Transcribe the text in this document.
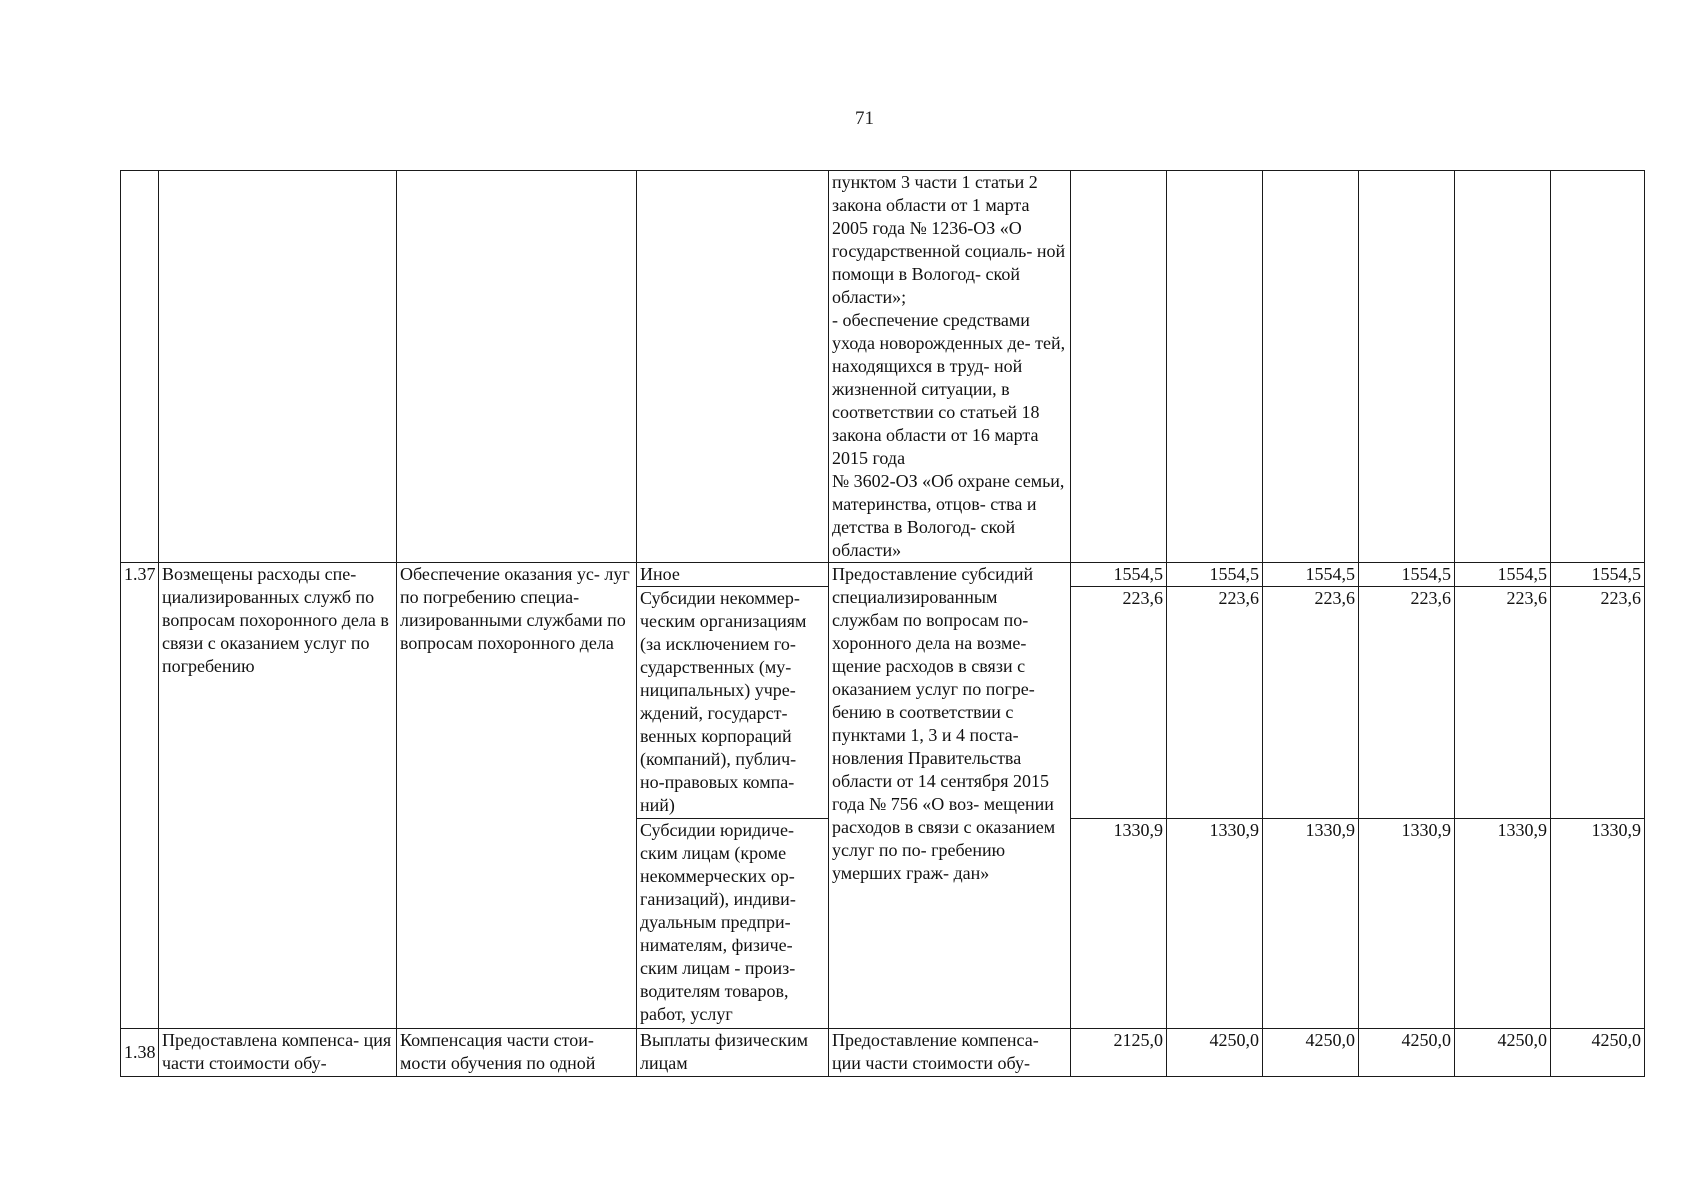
71

				пунктом 3 части 1 статьи 2 закона области от 1 марта 2005 года № 1236-ОЗ «О государственной социаль- ной помощи в Вологод- ской области»;
- обеспечение средствами ухода новорожденных де- тей, находящихся в труд- ной жизненной ситуации, в соответствии со статьей 18 закона области от 16 марта 2015 года
№ 3602-ОЗ «Об охране семьи, материнства, отцов- ства и детства в Вологод- ской области»						

1.37	Возмещены расходы спе- циализированных служб по вопросам похоронного дела в связи с оказанием услуг по погребению	Обеспечение оказания ус- луг по погребению специа- лизированными службами по вопросам похоронного дела	Иное	Предоставление субсидий специализированным службам по вопросам по- хоронного дела на возме- щение расходов в связи с оказанием услуг по погре- бению в соответствии с пунктами 1, 3 и 4 поста- новления Правительства области от 14 сентября 2015 года № 756 «О воз- мещении расходов в связи с оказанием услуг по по- гребению умерших граж- дан»	1554,5	1554,5	1554,5	1554,5	1554,5	1554,5
			Субсидии некоммер- ческим организациям (за исключением го- сударственных (му- ниципальных) учре- ждений, государст- венных корпораций (компаний), публич- но-правовых компа- ний)		223,6	223,6	223,6	223,6	223,6	223,6
			Субсидии юридиче- ским лицам (кроме некоммерческих ор- ганизаций), индиви- дуальным предпри- нимателям, физиче- ским лицам - произ- водителям товаров, работ, услуг		1330,9	1330,9	1330,9	1330,9	1330,9	1330,9
1.38	Предоставлена компенса- ция части стоимости обу-	Компенсация части стои- мости обучения по одной	Выплаты физическим лицам	Предоставление компенса- ции части стоимости обу-	2125,0	4250,0	4250,0	4250,0	4250,0	4250,0
